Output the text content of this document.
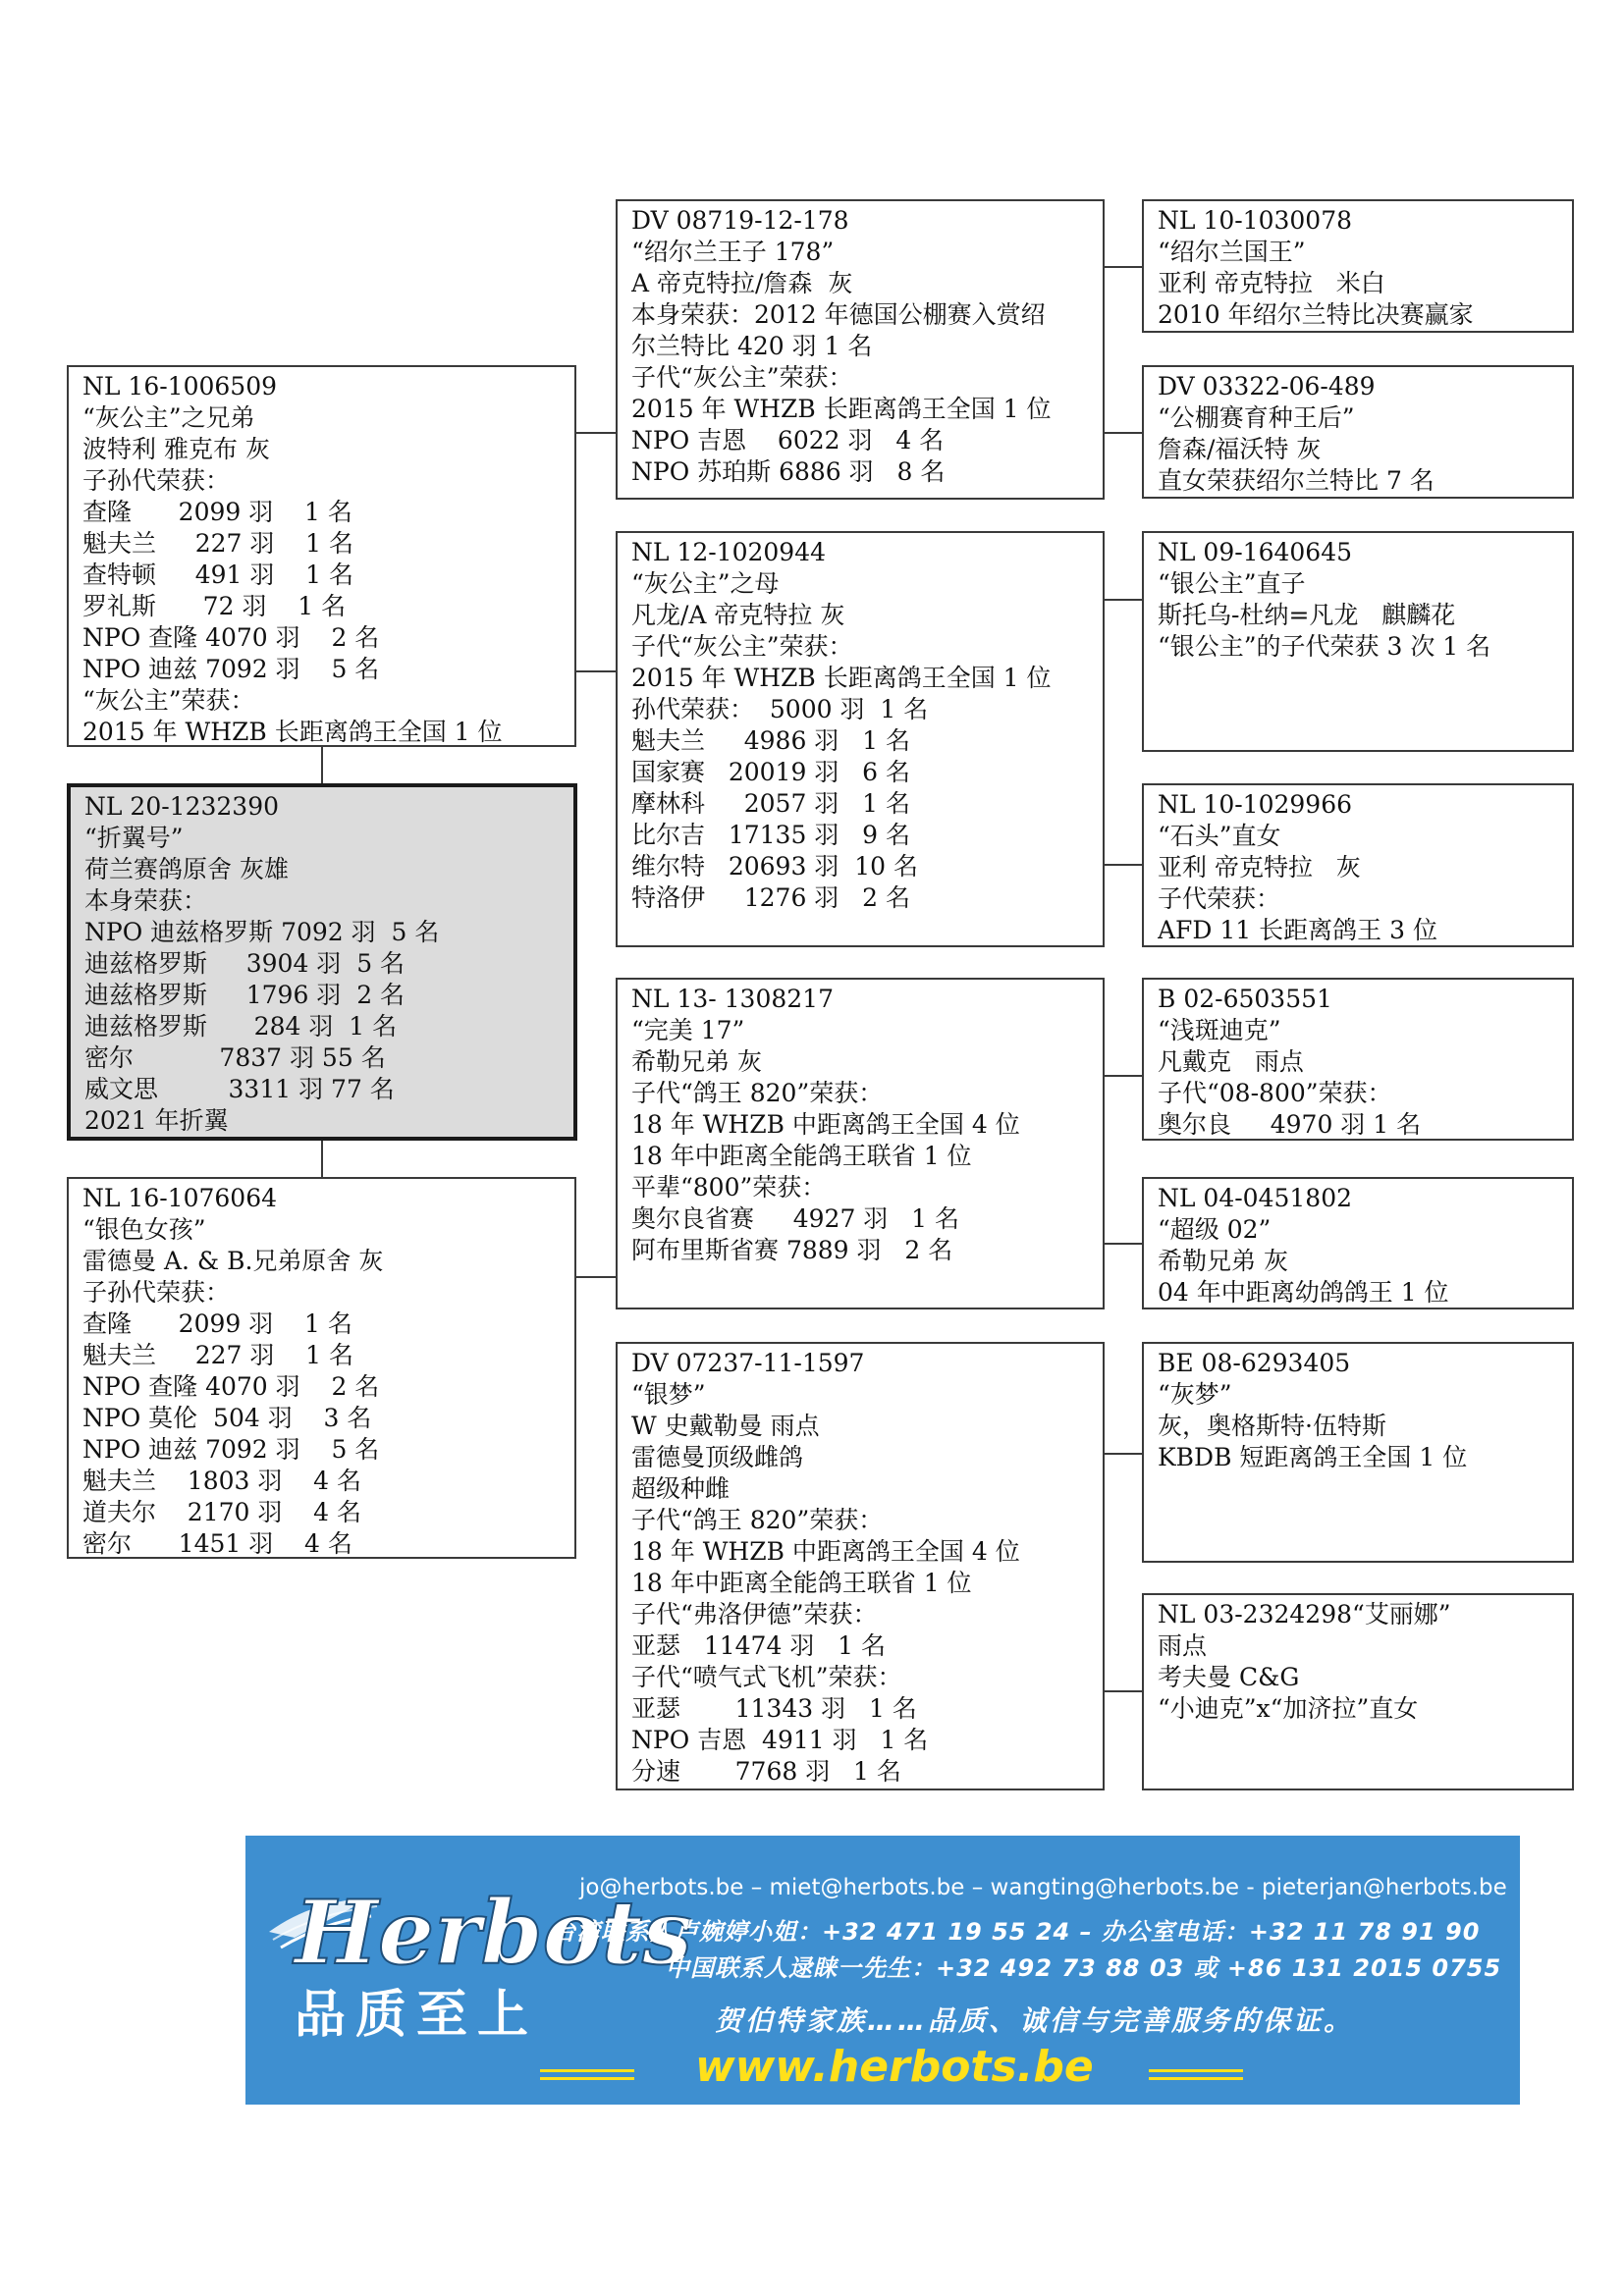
NL 20-1232390
“折翼号”
荷兰赛鸽原舍 灰雄
本身荣获：
NPO 迪兹格罗斯 7092 羽  5 名
迪兹格罗斯     3904 羽  5 名
迪兹格罗斯     1796 羽  2 名
迪兹格罗斯      284 羽  1 名
密尔           7837 羽 55 名
威文思         3311 羽 77 名
2021 年折翼
NL 16-1006509
“灰公主”之兄弟
波特利 雅克布 灰
子孙代荣获：
查隆      2099 羽    1 名
魁夫兰     227 羽    1 名
查特顿     491 羽    1 名
罗礼斯      72 羽    1 名
NPO 查隆 4070 羽    2 名
NPO 迪兹 7092 羽    5 名
“灰公主”荣获：
2015 年 WHZB 长距离鸽王全国 1 位
NL 16-1076064
“银色女孩”
雷德曼 A. & B.兄弟原舍 灰
子孙代荣获：
查隆      2099 羽    1 名
魁夫兰     227 羽    1 名
NPO 查隆 4070 羽    2 名
NPO 莫伦  504 羽    3 名
NPO 迪兹 7092 羽    5 名
魁夫兰    1803 羽    4 名
道夫尔    2170 羽    4 名
密尔      1451 羽    4 名
DV 08719-12-178
“绍尔兰王子 178”
A 帝克特拉/詹森  灰
本身荣获：2012 年德国公棚赛入赏绍
尔兰特比 420 羽 1 名
子代“灰公主”荣获：
2015 年 WHZB 长距离鸽王全国 1 位
NPO 吉恩    6022 羽   4 名
NPO 苏珀斯 6886 羽   8 名
NL 12-1020944
“灰公主”之母
凡龙/A 帝克特拉 灰
子代“灰公主”荣获：
2015 年 WHZB 长距离鸽王全国 1 位
孙代荣获：  5000 羽  1 名
魁夫兰     4986 羽   1 名
国家赛   20019 羽   6 名
摩林科     2057 羽   1 名
比尔吉   17135 羽   9 名
维尔特   20693 羽  10 名
特洛伊     1276 羽   2 名
NL 13- 1308217
“完美 17”
希勒兄弟 灰
子代“鸽王 820”荣获：
18 年 WHZB 中距离鸽王全国 4 位
18 年中距离全能鸽王联省 1 位
平辈“800”荣获：
奥尔良省赛     4927 羽   1 名
阿布里斯省赛 7889 羽   2 名
DV 07237-11-1597
“银梦”
W 史戴勒曼 雨点
雷德曼顶级雌鸽
超级种雌
子代“鸽王 820”荣获：
18 年 WHZB 中距离鸽王全国 4 位
18 年中距离全能鸽王联省 1 位
子代“弗洛伊德”荣获：
亚瑟   11474 羽   1 名
子代“喷气式飞机”荣获：
亚瑟       11343 羽   1 名
NPO 吉恩  4911 羽   1 名
分速       7768 羽   1 名
NL 10-1030078
“绍尔兰国王”
亚利 帝克特拉   米白
2010 年绍尔兰特比决赛赢家
DV 03322-06-489
“公棚赛育种王后”
詹森/福沃特 灰
直女荣获绍尔兰特比 7 名
NL 09-1640645
“银公主”直子
斯托乌-杜纳=凡龙   麒麟花
“银公主”的子代荣获 3 次 1 名
NL 10-1029966
“石头”直女
亚利 帝克特拉   灰
子代荣获：
AFD 11 长距离鸽王 3 位
B 02-6503551
“浅斑迪克”
凡戴克   雨点
子代“08-800”荣获：
奥尔良     4970 羽 1 名
NL 04-0451802
“超级 02”
希勒兄弟 灰
04 年中距离幼鸽鸽王 1 位
BE 08-6293405
“灰梦”
灰，奥格斯特·伍特斯
KBDB 短距离鸽王全国 1 位
NL 03-2324298“艾丽娜”
雨点
考夫曼 C&G
“小迪克”x“加济拉”直女
Herbots
品质至上
jo@herbots.be – miet@herbots.be – wangting@herbots.be - pieterjan@herbots.be
台湾联系人卢婉婷小姐：+32 471 19 55 24 – 办公室电话：+32 11 78 91 90
中国联系人逯睐一先生：+32 492 73 88 03 或 +86 131 2015 0755
贺伯特家族……品质、诚信与完善服务的保证。
www.herbots.be
